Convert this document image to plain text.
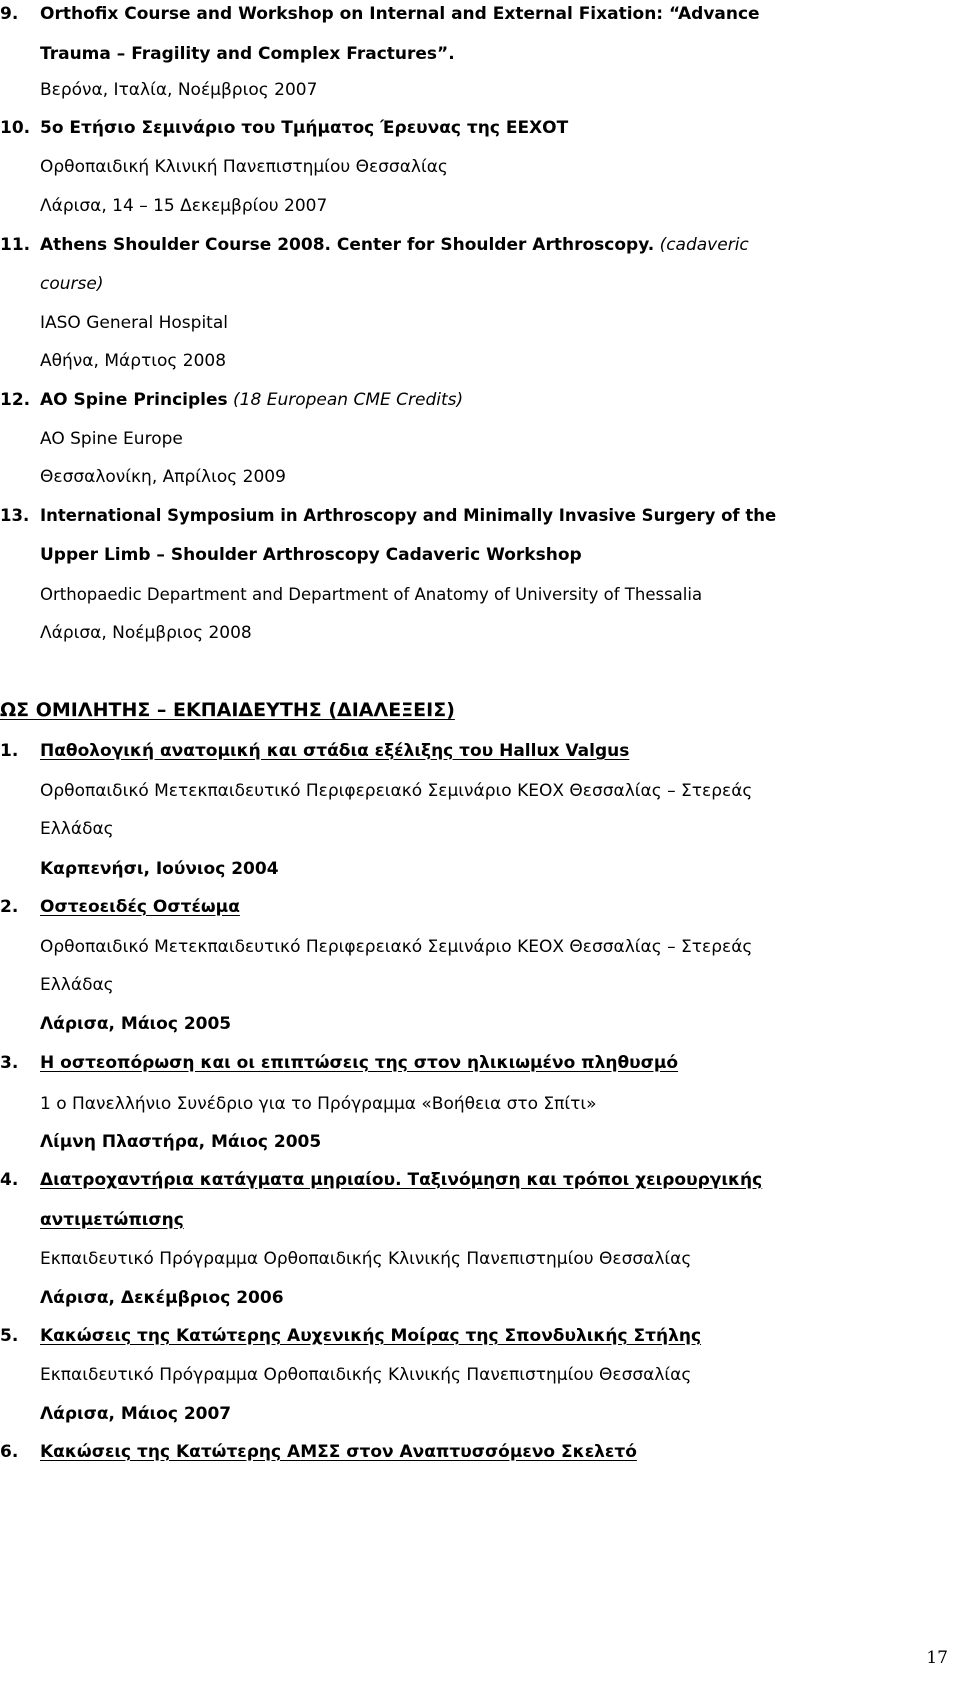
9. Orthofix Course and Workshop on Internal and External Fixation: “Advance
Trauma – Fragility and Complex Fractures”.
Βερόνα, Ιταλία, Νοέμβριος 2007
10. 5ο Ετήσιο Σεμινάριο του Τμήματος Έρευνας της ΕΕΧΟΤ
Ορθοπαιδική Κλινική Πανεπιστημίου Θεσσαλίας
Λάρισα, 14 – 15 Δεκεμβρίου 2007
11. Athens Shoulder Course 2008. Center for Shoulder Arthroscopy. (cadaveric
course)
IASO General Hospital
Αθήνα, Μάρτιος 2008
12. AO Spine Principles (18 European CME Credits)
AO Spine Europe
Θεσσαλονίκη, Απρίλιος 2009
13. International Symposium in Arthroscopy and Minimally Invasive Surgery of the
Upper Limb – Shoulder Arthroscopy Cadaveric Workshop
Orthopaedic Department and Department of Anatomy of University of Thessalia
Λάρισα, Νοέμβριος 2008
ΩΣ ΟΜΙΛΗΤΗΣ – ΕΚΠΑΙΔΕΥΤΗΣ (ΔΙΑΛΕΞΕΙΣ)
1. Παθολογική ανατομική και στάδια εξέλιξης του Hallux Valgus
Ορθοπαιδικό Μετεκπαιδευτικό Περιφερειακό Σεμινάριο ΚΕΟΧ Θεσσαλίας – Στερεάς
Ελλάδας
Καρπενήσι, Ιούνιος 2004
2. Οστεοειδές Οστέωμα
Ορθοπαιδικό Μετεκπαιδευτικό Περιφερειακό Σεμινάριο ΚΕΟΧ Θεσσαλίας – Στερεάς
Ελλάδας
Λάρισα, Μάιος 2005
3. Η οστεοπόρωση και οι επιπτώσεις της στον ηλικιωμένο πληθυσμό
1 ο Πανελλήνιο Συνέδριο για το Πρόγραμμα «Βοήθεια στο Σπίτι»
Λίμνη Πλαστήρα, Μάιος 2005
4. Διατροχαντήρια κατάγματα μηριαίου. Ταξινόμηση και τρόποι χειρουργικής
αντιμετώπισης
Εκπαιδευτικό Πρόγραμμα Ορθοπαιδικής Κλινικής Πανεπιστημίου Θεσσαλίας
Λάρισα, Δεκέμβριος 2006
5. Κακώσεις της Κατώτερης Αυχενικής Μοίρας της Σπονδυλικής Στήλης
Εκπαιδευτικό Πρόγραμμα Ορθοπαιδικής Κλινικής Πανεπιστημίου Θεσσαλίας
Λάρισα, Μάιος 2007
6. Κακώσεις της Κατώτερης ΑΜΣΣ στον Αναπτυσσόμενο Σκελετό
17
